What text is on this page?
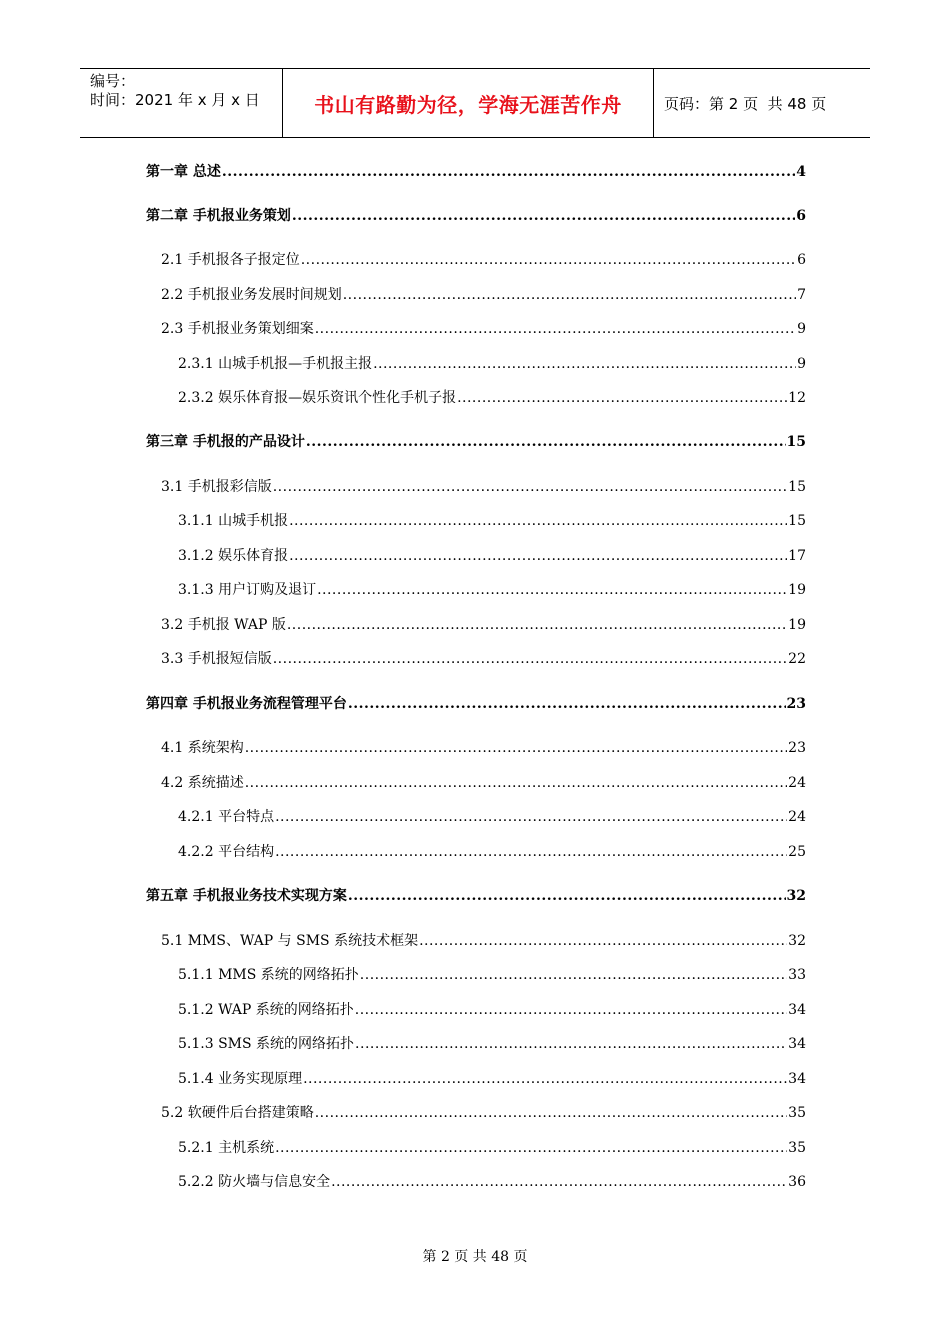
编号：
时间：2021 年 x 月 x 日	书山有路勤为径，学海无涯苦作舟	页码：第 2 页  共 48 页
第一章 总述 .....	4
第二章 手机报业务策划 .....	6
2.1 手机报各子报定位 .....	6
2.2 手机报业务发展时间规划 .....	7
2.3 手机报业务策划细案 .....	9
2.3.1 山城手机报—手机报主报 .....	9
2.3.2 娱乐体育报—娱乐资讯个性化手机子报 .....	12
第三章 手机报的产品设计 .....	15
3.1 手机报彩信版 .....	15
3.1.1 山城手机报 .....	15
3.1.2 娱乐体育报 .....	17
3.1.3 用户订购及退订 .....	19
3.2 手机报 WAP 版 .....	19
3.3 手机报短信版 .....	22
第四章 手机报业务流程管理平台 .....	23
4.1 系统架构 .....	23
4.2 系统描述 .....	24
4.2.1 平台特点 .....	24
4.2.2 平台结构 .....	25
第五章 手机报业务技术实现方案 .....	32
5.1 MMS、WAP 与 SMS 系统技术框架 .....	32
5.1.1 MMS 系统的网络拓扑 .....	33
5.1.2 WAP 系统的网络拓扑 .....	34
5.1.3 SMS 系统的网络拓扑 .....	34
5.1.4 业务实现原理 .....	34
5.2 软硬件后台搭建策略 .....	35
5.2.1 主机系统 .....	35
5.2.2 防火墙与信息安全 .....	36
第 2 页 共 48 页
